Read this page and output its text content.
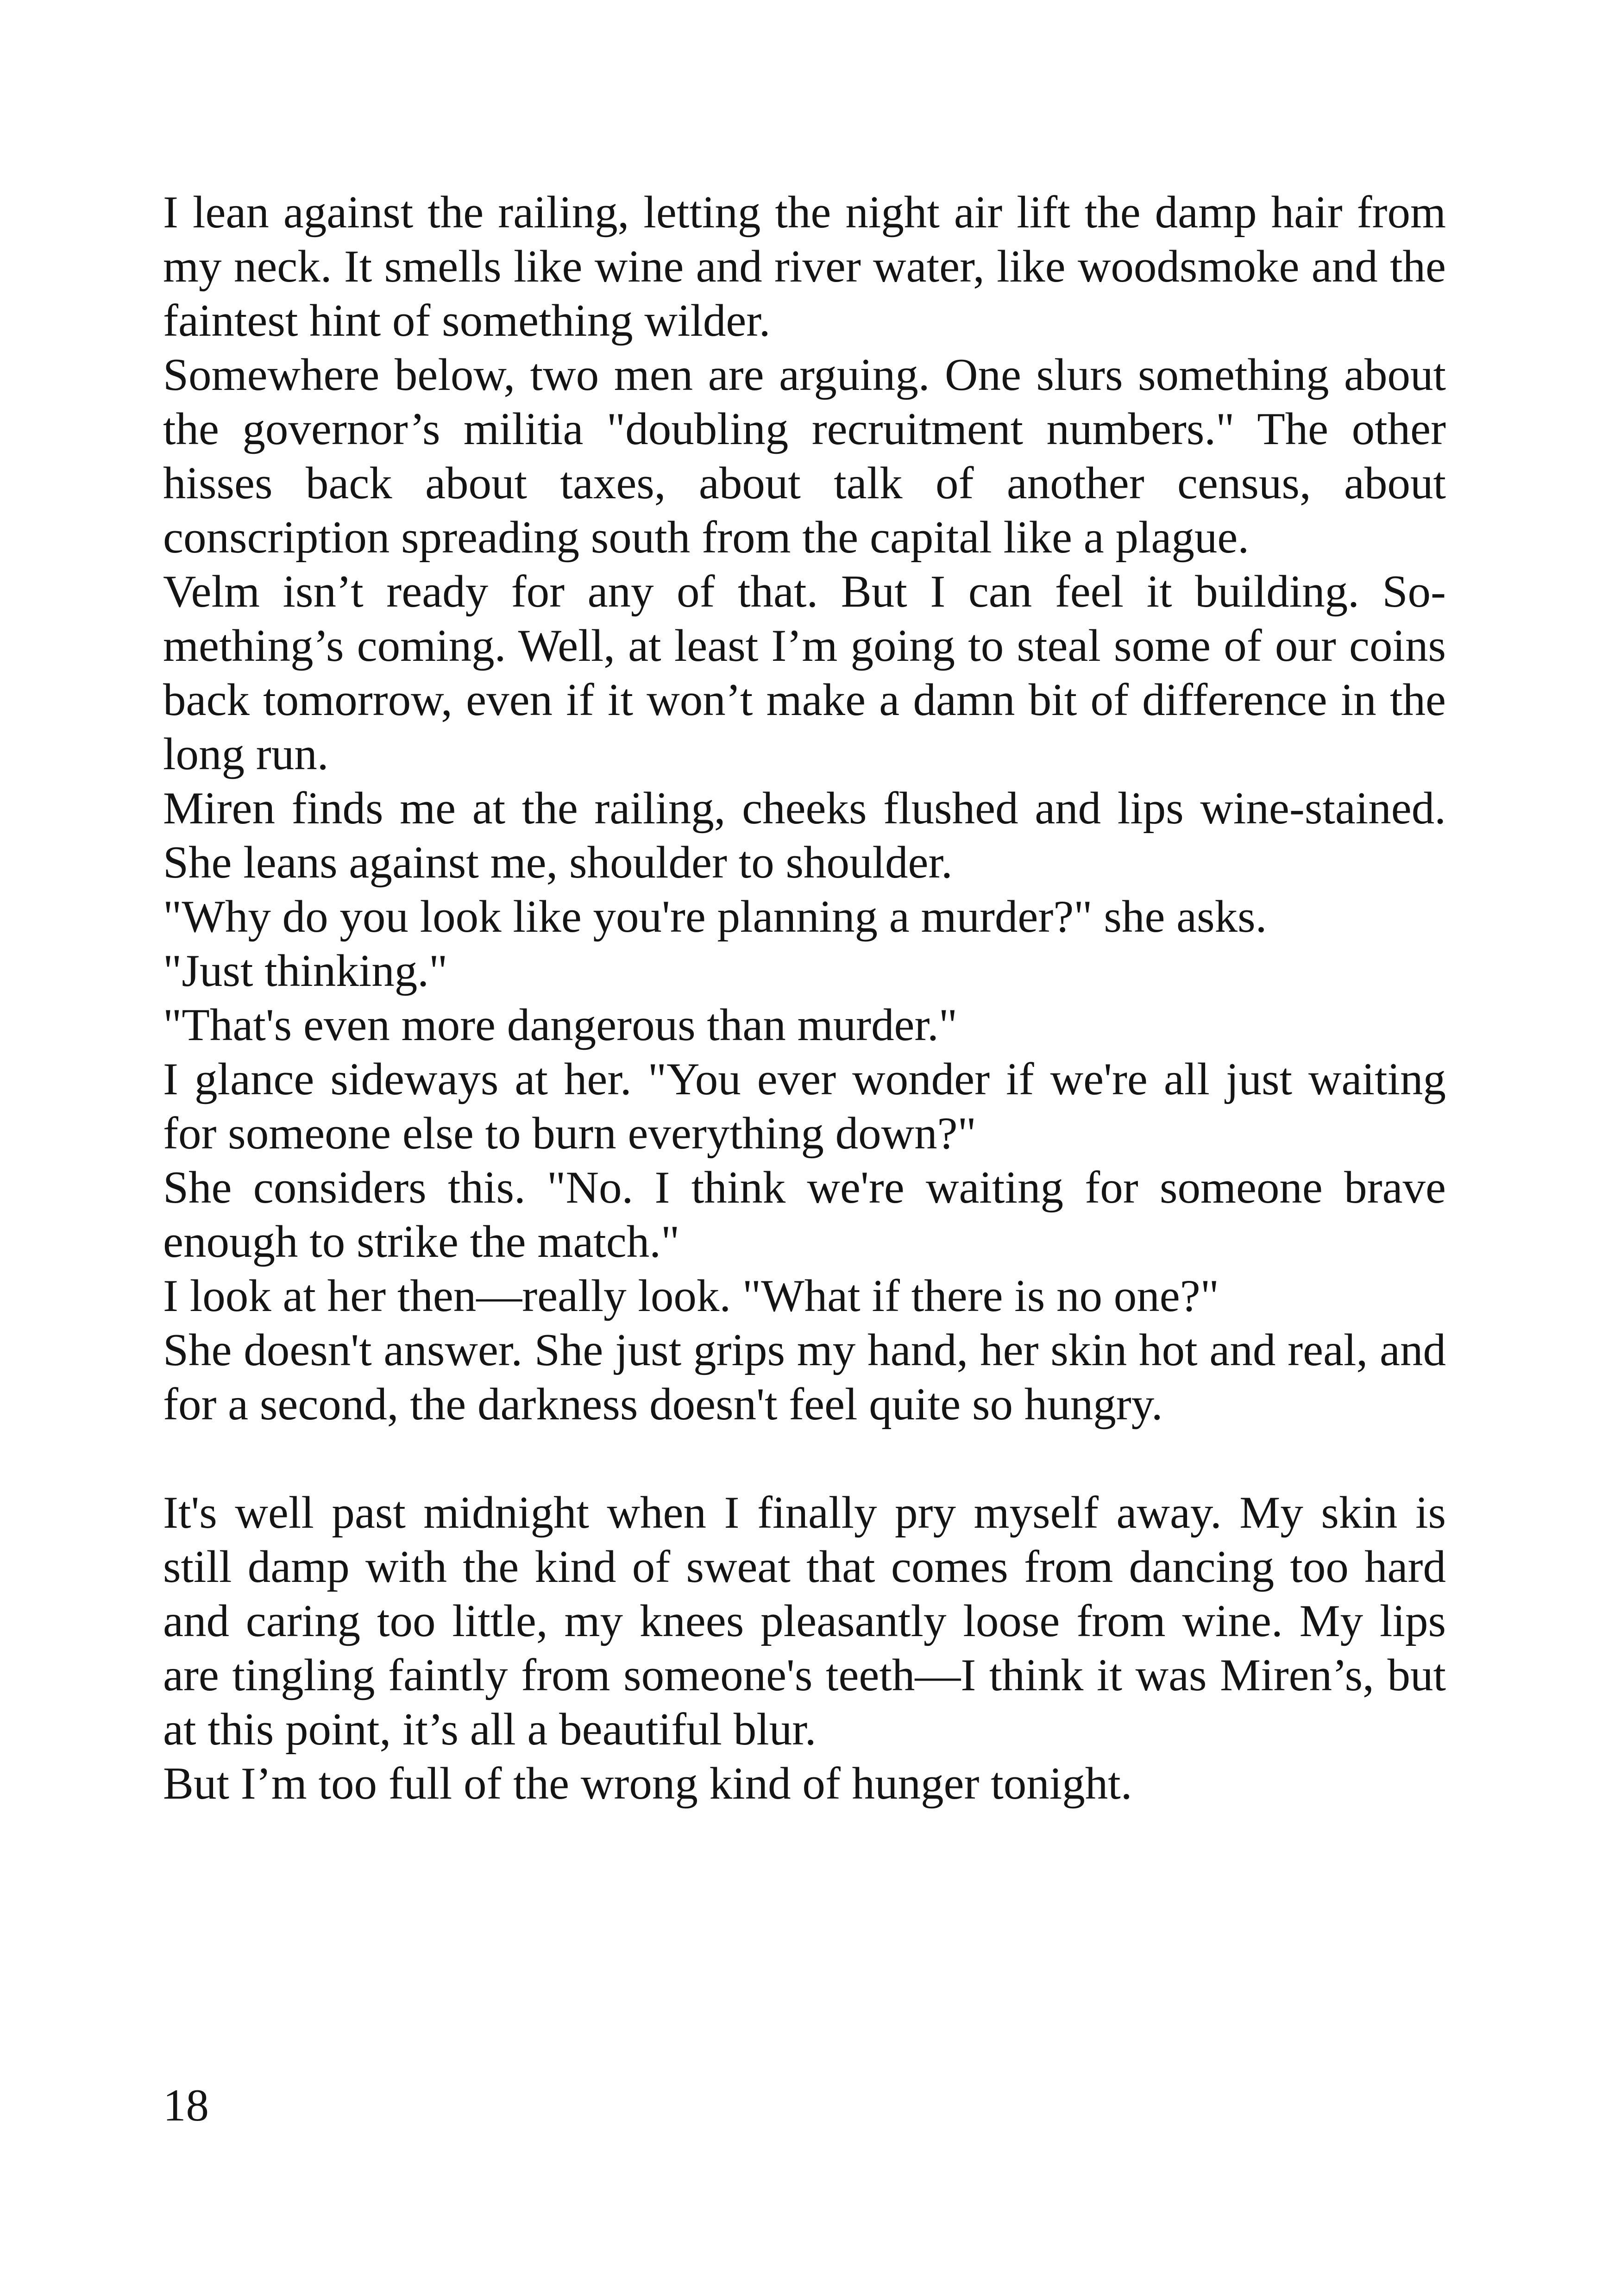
I lean against the railing, letting the night air lift the damp hair from my neck. It smells like wine and river water, like woodsmoke and the faintest hint of something wilder.

Somewhere below, two men are arguing. One slurs something about the governor’s militia "doubling recruitment numbers." The other hisses back about taxes, about talk of another census, about conscription spreading south from the capital like a plague.

Velm isn’t ready for any of that. But I can feel it building. Something’s coming. Well, at least I’m going to steal some of our coins back tomorrow, even if it won’t make a damn bit of difference in the long run.

Miren finds me at the railing, cheeks flushed and lips wine-stained. She leans against me, shoulder to shoulder.

"Why do you look like you're planning a murder?" she asks.

"Just thinking."

"That's even more dangerous than murder."

I glance sideways at her. "You ever wonder if we're all just waiting for someone else to burn everything down?"

She considers this. "No. I think we're waiting for someone brave enough to strike the match."

I look at her then—really look. "What if there is no one?"

She doesn't answer. She just grips my hand, her skin hot and real, and for a second, the darkness doesn't feel quite so hungry.

It's well past midnight when I finally pry myself away. My skin is still damp with the kind of sweat that comes from dancing too hard and caring too little, my knees pleasantly loose from wine. My lips are tingling faintly from someone's teeth—I think it was Miren’s, but at this point, it’s all a beautiful blur.

But I’m too full of the wrong kind of hunger tonight.

18
